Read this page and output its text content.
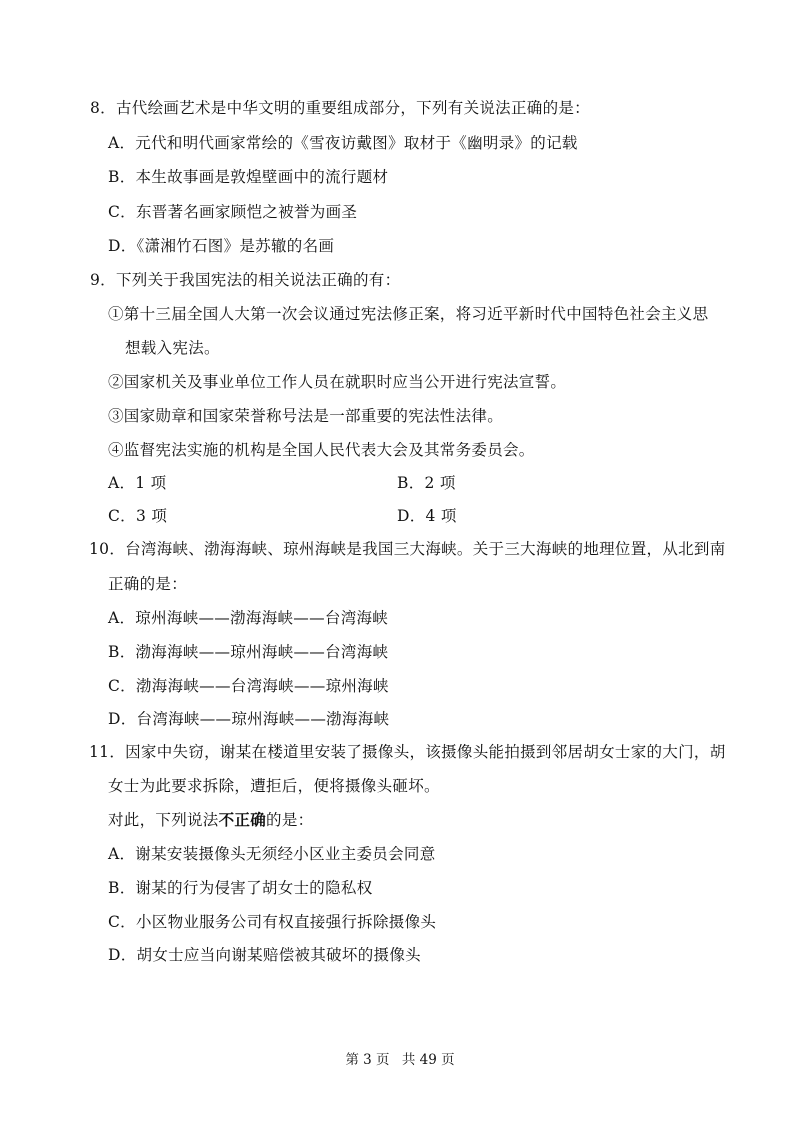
8．古代绘画艺术是中华文明的重要组成部分，下列有关说法正确的是：

A．元代和明代画家常绘的《雪夜访戴图》取材于《幽明录》的记载

B．本生故事画是敦煌壁画中的流行题材

C．东晋著名画家顾恺之被誉为画圣

D．《潇湘竹石图》是苏辙的名画

9．下列关于我国宪法的相关说法正确的有：

①第十三届全国人大第一次会议通过宪法修正案，将习近平新时代中国特色社会主义思

想载入宪法。

②国家机关及事业单位工作人员在就职时应当公开进行宪法宣誓。

③国家勋章和国家荣誉称号法是一部重要的宪法性法律。

④监督宪法实施的机构是全国人民代表大会及其常务委员会。

A．1 项	B．2 项

C．3 项	D．4 项

10．台湾海峡、渤海海峡、琼州海峡是我国三大海峡。关于三大海峡的地理位置，从北到南

正确的是：

A．琼州海峡——渤海海峡——台湾海峡

B．渤海海峡——琼州海峡——台湾海峡

C．渤海海峡——台湾海峡——琼州海峡

D．台湾海峡——琼州海峡——渤海海峡

11．因家中失窃，谢某在楼道里安装了摄像头，该摄像头能拍摄到邻居胡女士家的大门，胡

女士为此要求拆除，遭拒后，便将摄像头砸坏。

对此，下列说法不正确的是：

A．谢某安装摄像头无须经小区业主委员会同意

B．谢某的行为侵害了胡女士的隐私权

C．小区物业服务公司有权直接强行拆除摄像头

D．胡女士应当向谢某赔偿被其破坏的摄像头

第 3 页 共 49 页
